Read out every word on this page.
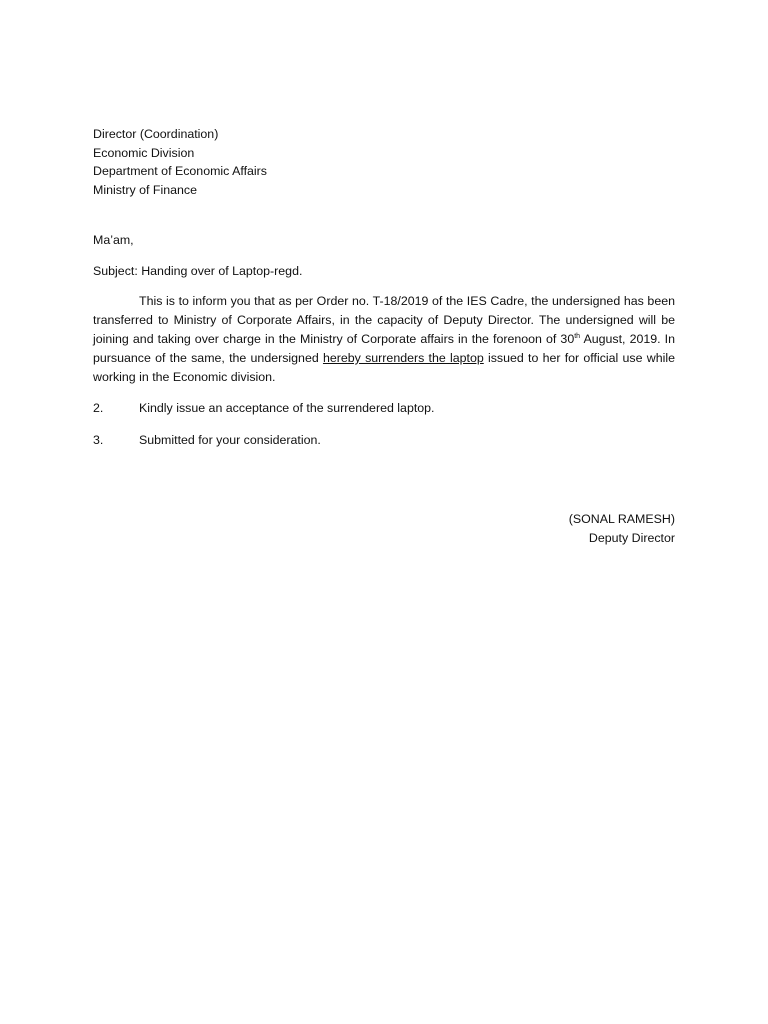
Director (Coordination)
Economic Division
Department of Economic Affairs
Ministry of Finance
Ma’am,
Subject: Handing over of Laptop-regd.
This is to inform you that as per Order no. T-18/2019 of the IES Cadre, the undersigned has been transferred to Ministry of Corporate Affairs, in the capacity of Deputy Director. The undersigned will be joining and taking over charge in the Ministry of Corporate affairs in the forenoon of 30th August, 2019. In pursuance of the same, the undersigned hereby surrenders the laptop issued to her for official use while working in the Economic division.
2.	Kindly issue an acceptance of the surrendered laptop.
3.	Submitted for your consideration.
(SONAL RAMESH)
Deputy Director
